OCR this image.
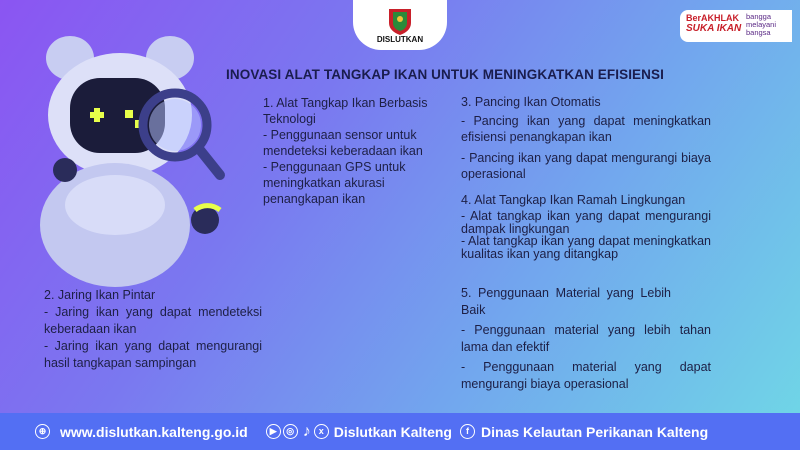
DISLUTKAN
BerAKHLAK
SUKA IKAN
bangga melayani bangsa
INOVASI ALAT TANGKAP IKAN UNTUK MENINGKATKAN EFISIENSI
1. Alat Tangkap Ikan Berbasis Teknologi
- Penggunaan sensor untuk mendeteksi keberadaan ikan
- Penggunaan GPS untuk meningkatkan akurasi penangkapan ikan
2. Jaring Ikan Pintar
- Jaring ikan yang dapat mendeteksi keberadaan ikan
- Jaring ikan yang dapat mengurangi hasil tangkapan sampingan
3. Pancing Ikan Otomatis
- Pancing ikan yang dapat meningkatkan efisiensi penangkapan ikan
- Pancing ikan yang dapat mengurangi biaya operasional
4. Alat Tangkap Ikan Ramah Lingkungan
- Alat tangkap ikan yang dapat mengurangi dampak lingkungan
- Alat tangkap ikan yang dapat meningkatkan kualitas ikan yang ditangkap
5. Penggunaan Material yang Lebih Baik
- Penggunaan material yang lebih tahan lama dan efektif
- Penggunaan material yang dapat mengurangi biaya operasional
⊕ www.dislutkan.kalteng.go.id	▶	◎ ♪ x Dislutkan Kalteng	f Dinas Kelautan Perikanan Kalteng
